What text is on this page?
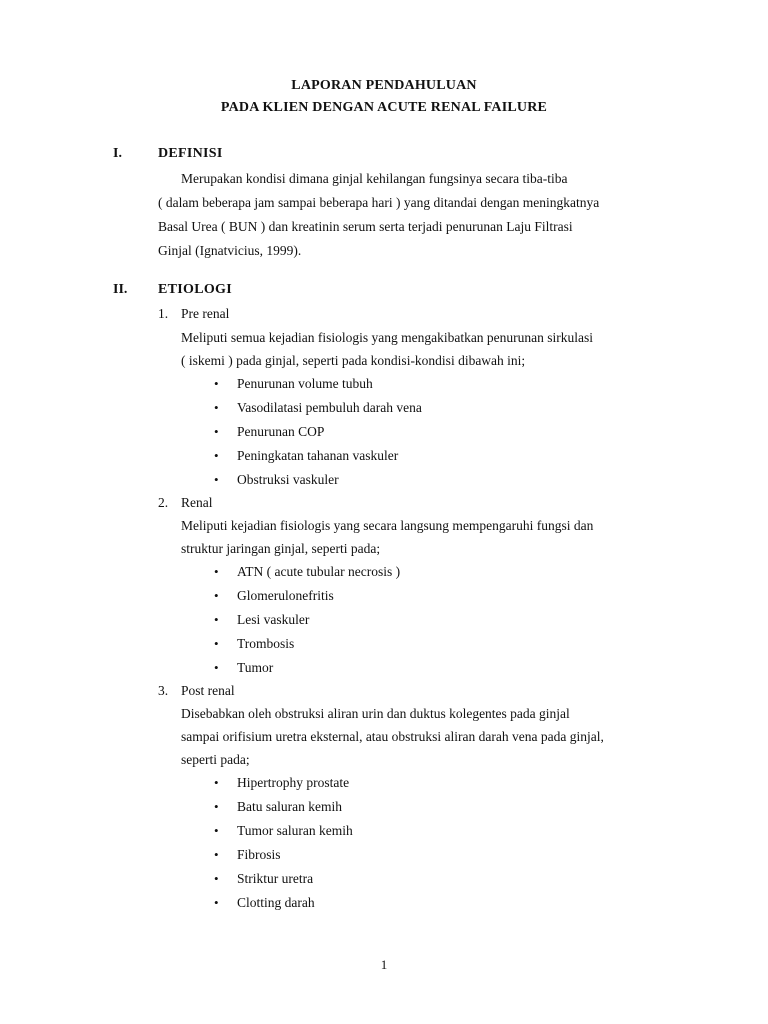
LAPORAN PENDAHULUAN
PADA KLIEN DENGAN ACUTE RENAL FAILURE
I.	DEFINISI
Merupakan kondisi dimana ginjal kehilangan fungsinya secara tiba-tiba
( dalam beberapa jam sampai beberapa hari ) yang ditandai dengan meningkatnya
Basal Urea ( BUN ) dan kreatinin serum serta terjadi penurunan Laju Filtrasi
Ginjal (Ignatvicius, 1999).
II. ETIOLOGI
1. Pre renal
Meliputi semua kejadian fisiologis yang mengakibatkan penurunan sirkulasi
( iskemi ) pada ginjal, seperti pada kondisi-kondisi dibawah ini;
• Penurunan volume tubuh
• Vasodilatasi pembuluh darah vena
• Penurunan COP
• Peningkatan tahanan vaskuler
• Obstruksi vaskuler
2. Renal
Meliputi kejadian fisiologis yang secara langsung mempengaruhi fungsi dan
struktur jaringan ginjal, seperti pada;
• ATN ( acute tubular necrosis )
• Glomerulonefritis
• Lesi vaskuler
• Trombosis
• Tumor
3. Post renal
Disebabkan oleh obstruksi aliran urin dan duktus kolegentes pada ginjal
sampai orifisium uretra eksternal, atau obstruksi aliran darah vena pada ginjal,
seperti pada;
• Hipertrophy prostate
• Batu saluran kemih
• Tumor saluran kemih
• Fibrosis
• Striktur uretra
• Clotting darah
1
